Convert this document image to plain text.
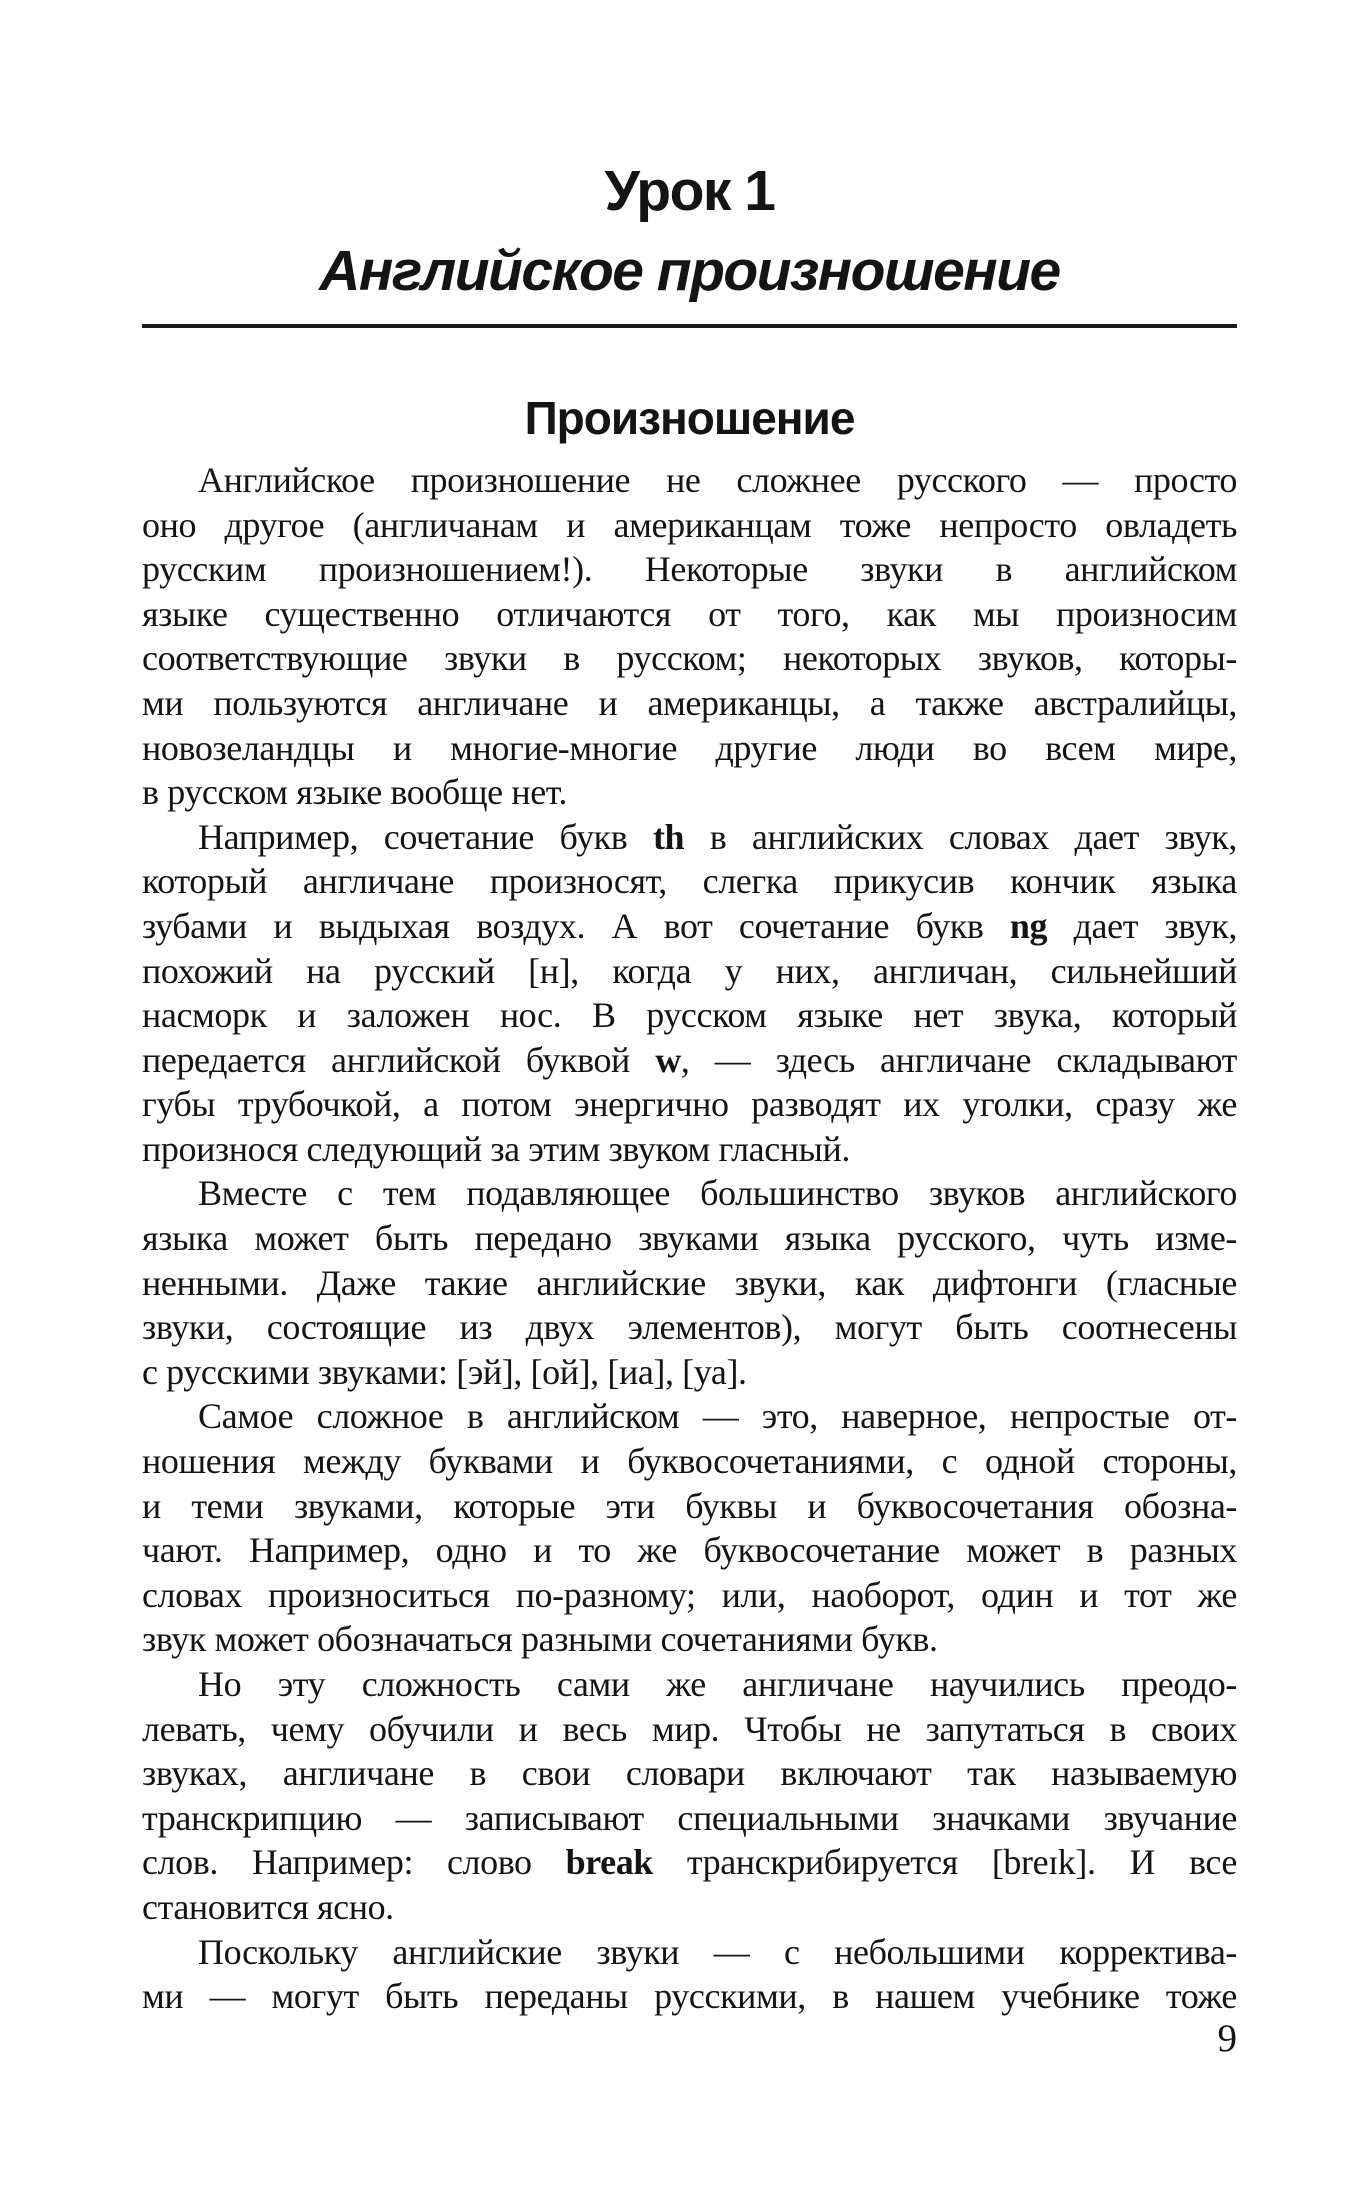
Урок 1
Английское произношение
Произношение
Английское произношение не сложнее русского — просто
оно другое (англичанам и американцам тоже непросто овладеть
русским произношением!). Некоторые звуки в английском
языке существенно отличаются от того, как мы произносим
соответствующие звуки в русском; некоторых звуков, которы-
ми пользуются англичане и американцы, а также австралийцы,
новозеландцы и многие-многие другие люди во всем мире,
в русском языке вообще нет.
Например, сочетание букв th в английских словах дает звук,
который англичане произносят, слегка прикусив кончик языка
зубами и выдыхая воздух. А вот сочетание букв ng дает звук,
похожий на русский [н], когда у них, англичан, сильнейший
насморк и заложен нос. В русском языке нет звука, который
передается английской буквой w, — здесь англичане складывают
губы трубочкой, а потом энергично разводят их уголки, сразу же
произнося следующий за этим звуком гласный.
Вместе с тем подавляющее большинство звуков английского
языка может быть передано звуками языка русского, чуть изме-
ненными. Даже такие английские звуки, как дифтонги (гласные
звуки, состоящие из двух элементов), могут быть соотнесены
с русскими звуками: [эй], [ой], [иа], [уа].
Самое сложное в английском — это, наверное, непростые от-
ношения между буквами и буквосочетаниями, с одной стороны,
и теми звуками, которые эти буквы и буквосочетания обозна-
чают. Например, одно и то же буквосочетание может в разных
словах произноситься по-разному; или, наоборот, один и тот же
звук может обозначаться разными сочетаниями букв.
Но эту сложность сами же англичане научились преодо-
левать, чему обучили и весь мир. Чтобы не запутаться в своих
звуках, англичане в свои словари включают так называемую
транскрипцию — записывают специальными значками звучание
слов. Например: слово break транскрибируется [breɪk]. И все
становится ясно.
Поскольку английские звуки — с небольшими корректива-
ми — могут быть переданы русскими, в нашем учебнике тоже
9
